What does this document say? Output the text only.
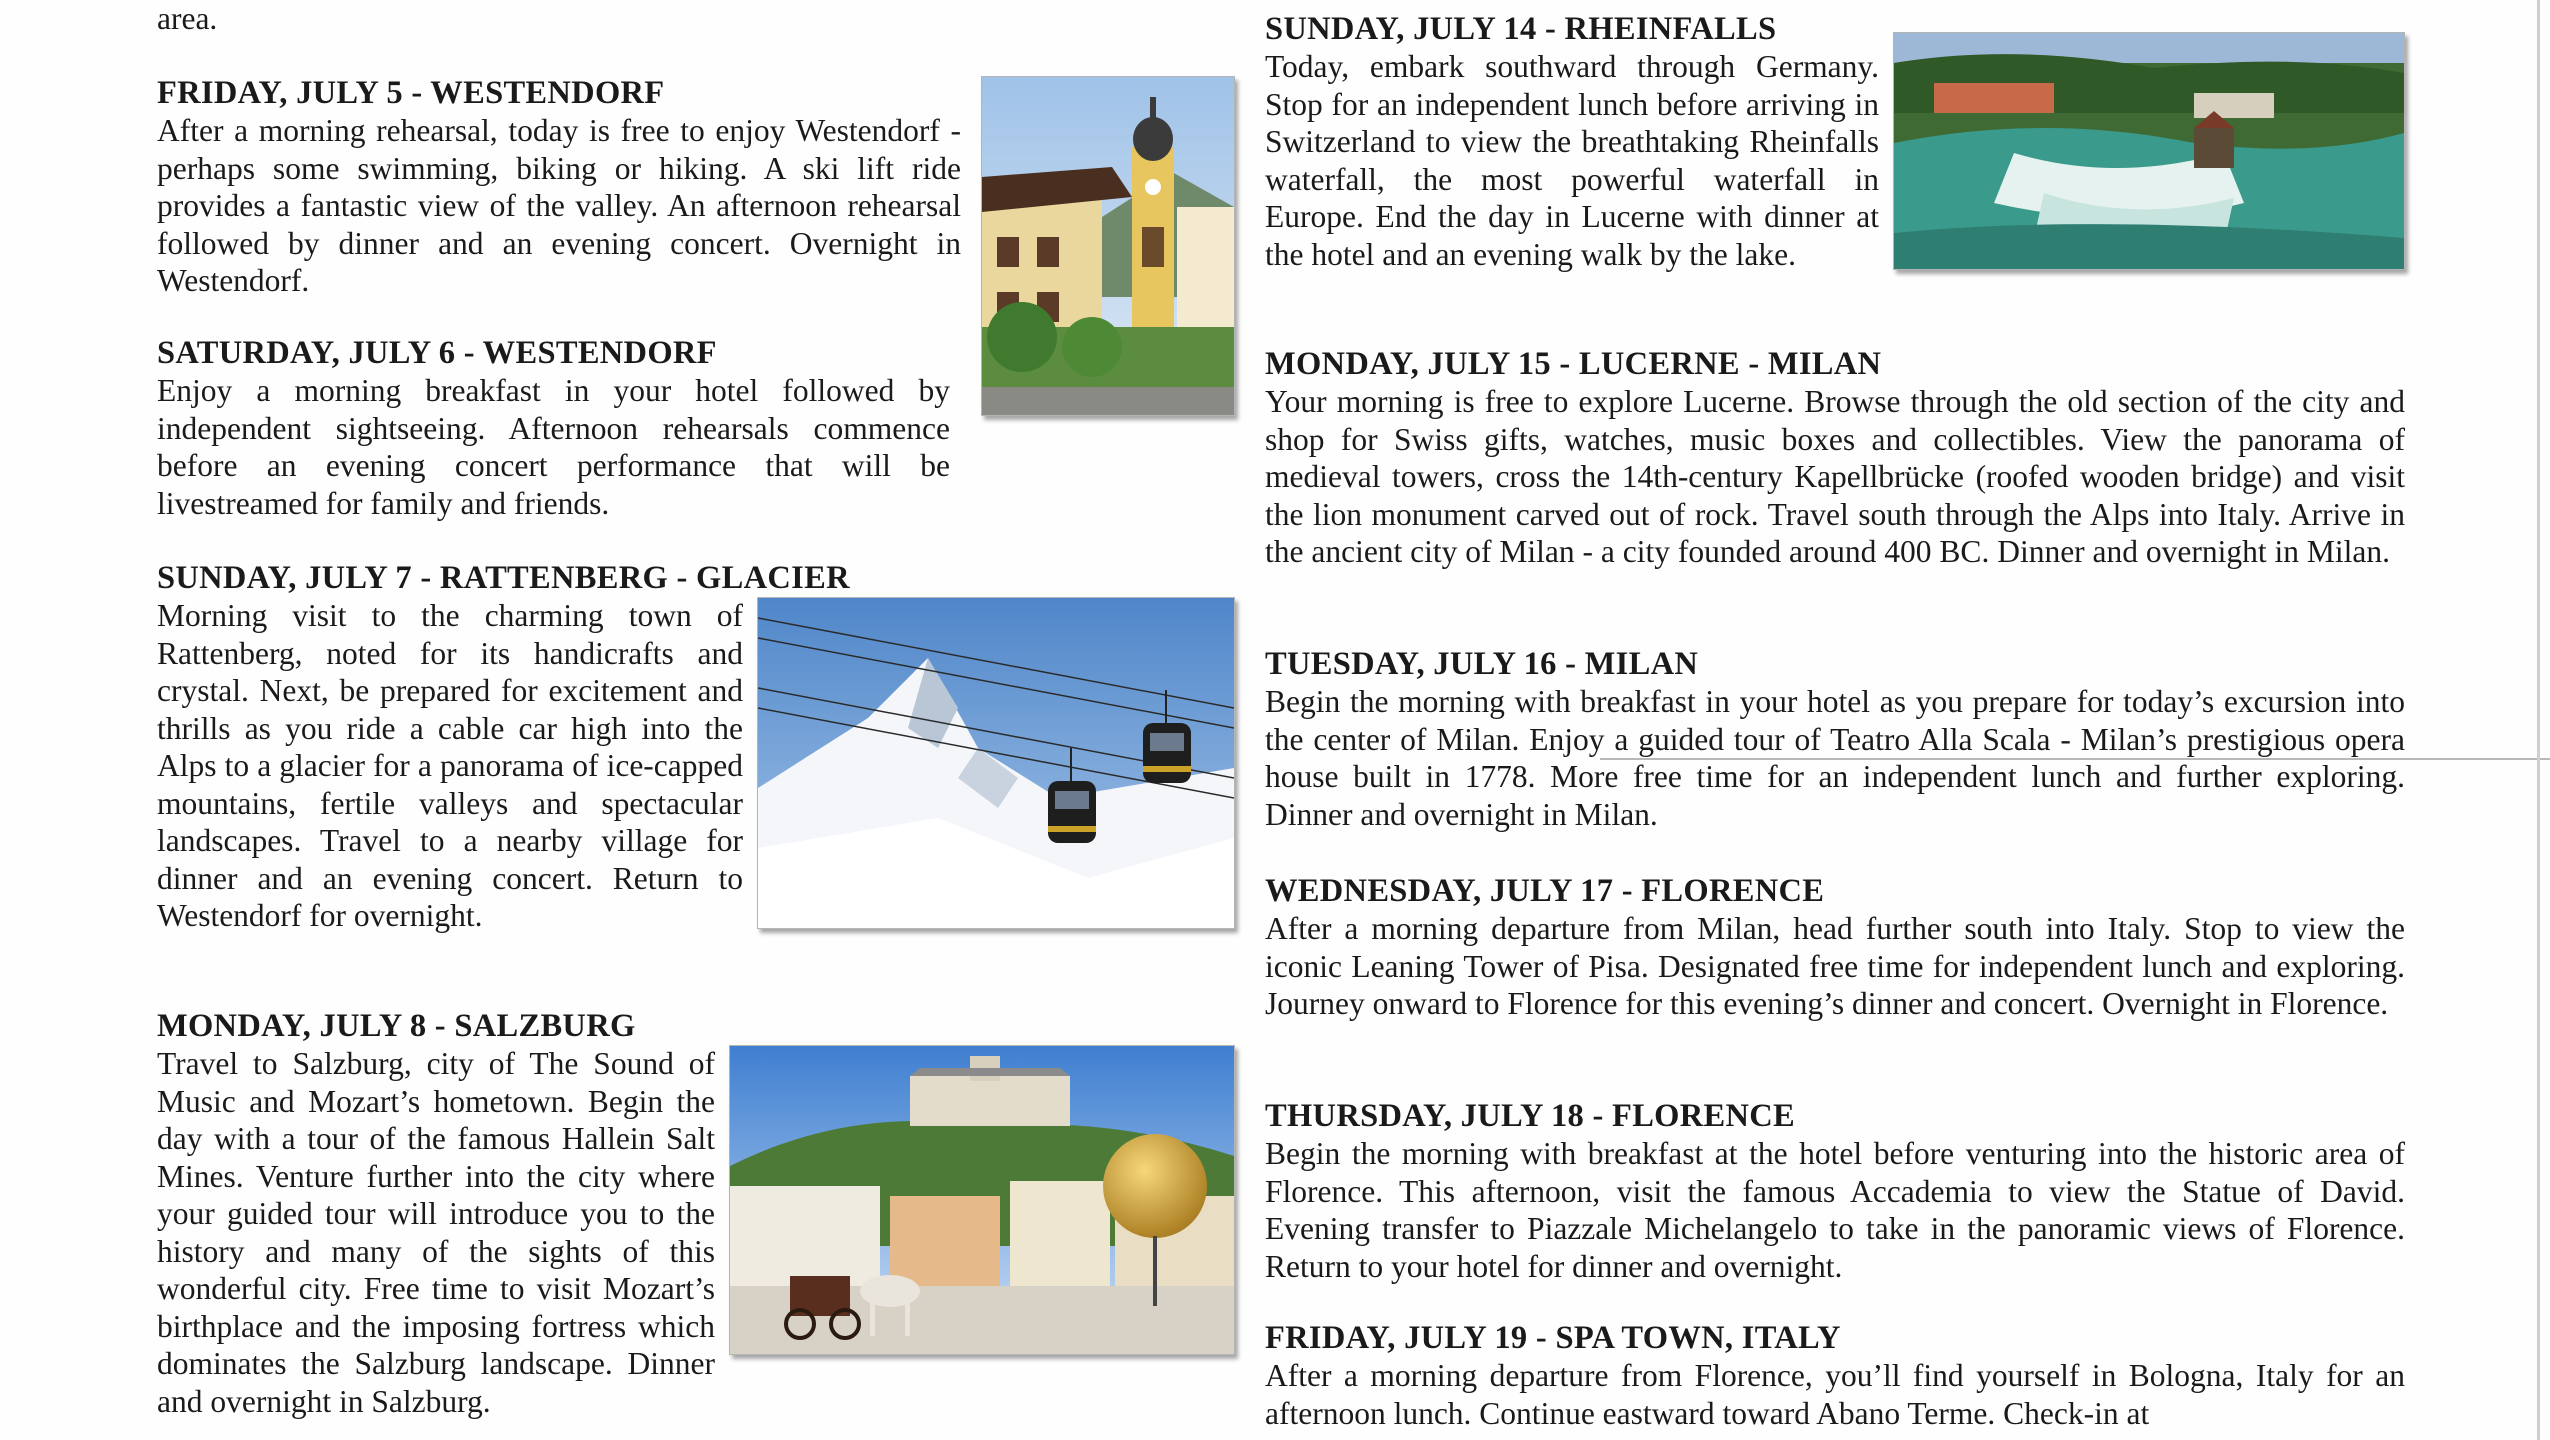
area.

FRIDAY, JULY 5 - WESTENDORF

After a morning rehearsal, today is free to enjoy Westendorf - perhaps some swimming, biking or hiking. A ski lift ride provides a fantastic view of the valley. An afternoon rehearsal followed by dinner and an evening concert. Overnight in Westendorf.

SATURDAY, JULY 6 - WESTENDORF

Enjoy a morning breakfast in your hotel followed by independent sightseeing. Afternoon rehearsals commence before an evening concert performance that will be livestreamed for family and friends.

SUNDAY, JULY 7 - RATTENBERG - GLACIER

Morning visit to the charming town of Rattenberg, noted for its handicrafts and crystal. Next, be prepared for excitement and thrills as you ride a cable car high into the Alps to a glacier for a panorama of ice-capped mountains, fertile valleys and spectacular landscapes. Travel to a nearby village for dinner and an evening concert. Return to Westendorf for overnight.

MONDAY, JULY 8 - SALZBURG

Travel to Salzburg, city of The Sound of Music and Mozart’s hometown. Begin the day with a tour of the famous Hallein Salt Mines. Venture further into the city where your guided tour will introduce you to the history and many of the sights of this wonderful city. Free time to visit Mozart’s birthplace and the imposing fortress which dominates the Salzburg landscape. Dinner and overnight in Salzburg.

SUNDAY, JULY 14 - RHEINFALLS

Today, embark southward through Germany. Stop for an independent lunch before arriving in Switzerland to view the breathtaking Rheinfalls waterfall, the most powerful waterfall in Europe. End the day in Lucerne with dinner at the hotel and an evening walk by the lake.

MONDAY, JULY 15 - LUCERNE - MILAN

Your morning is free to explore Lucerne. Browse through the old section of the city and shop for Swiss gifts, watches, music boxes and collectibles. View the panorama of medieval towers, cross the 14th-century Kapellbrücke (roofed wooden bridge) and visit the lion monument carved out of rock. Travel south through the Alps into Italy. Arrive in the ancient city of Milan - a city founded around 400 BC. Dinner and overnight in Milan.

TUESDAY, JULY 16 - MILAN

Begin the morning with breakfast in your hotel as you prepare for today’s excursion into the center of Milan. Enjoy a guided tour of Teatro Alla Scala - Milan’s prestigious opera house built in 1778. More free time for an independent lunch and further exploring. Dinner and overnight in Milan.

WEDNESDAY, JULY 17 - FLORENCE

After a morning departure from Milan, head further south into Italy. Stop to view the iconic Leaning Tower of Pisa. Designated free time for independent lunch and exploring. Journey onward to Florence for this evening’s dinner and concert. Overnight in Florence.

THURSDAY, JULY 18 - FLORENCE

Begin the morning with breakfast at the hotel before venturing into the historic area of Florence. This afternoon, visit the famous Accademia to view the Statue of David. Evening transfer to Piazzale Michelangelo to take in the panoramic views of Florence. Return to your hotel for dinner and overnight.

FRIDAY, JULY 19 - SPA TOWN, ITALY

After a morning departure from Florence, you’ll find yourself in Bologna, Italy for an afternoon lunch. Continue eastward toward Abano Terme. Check-in at
